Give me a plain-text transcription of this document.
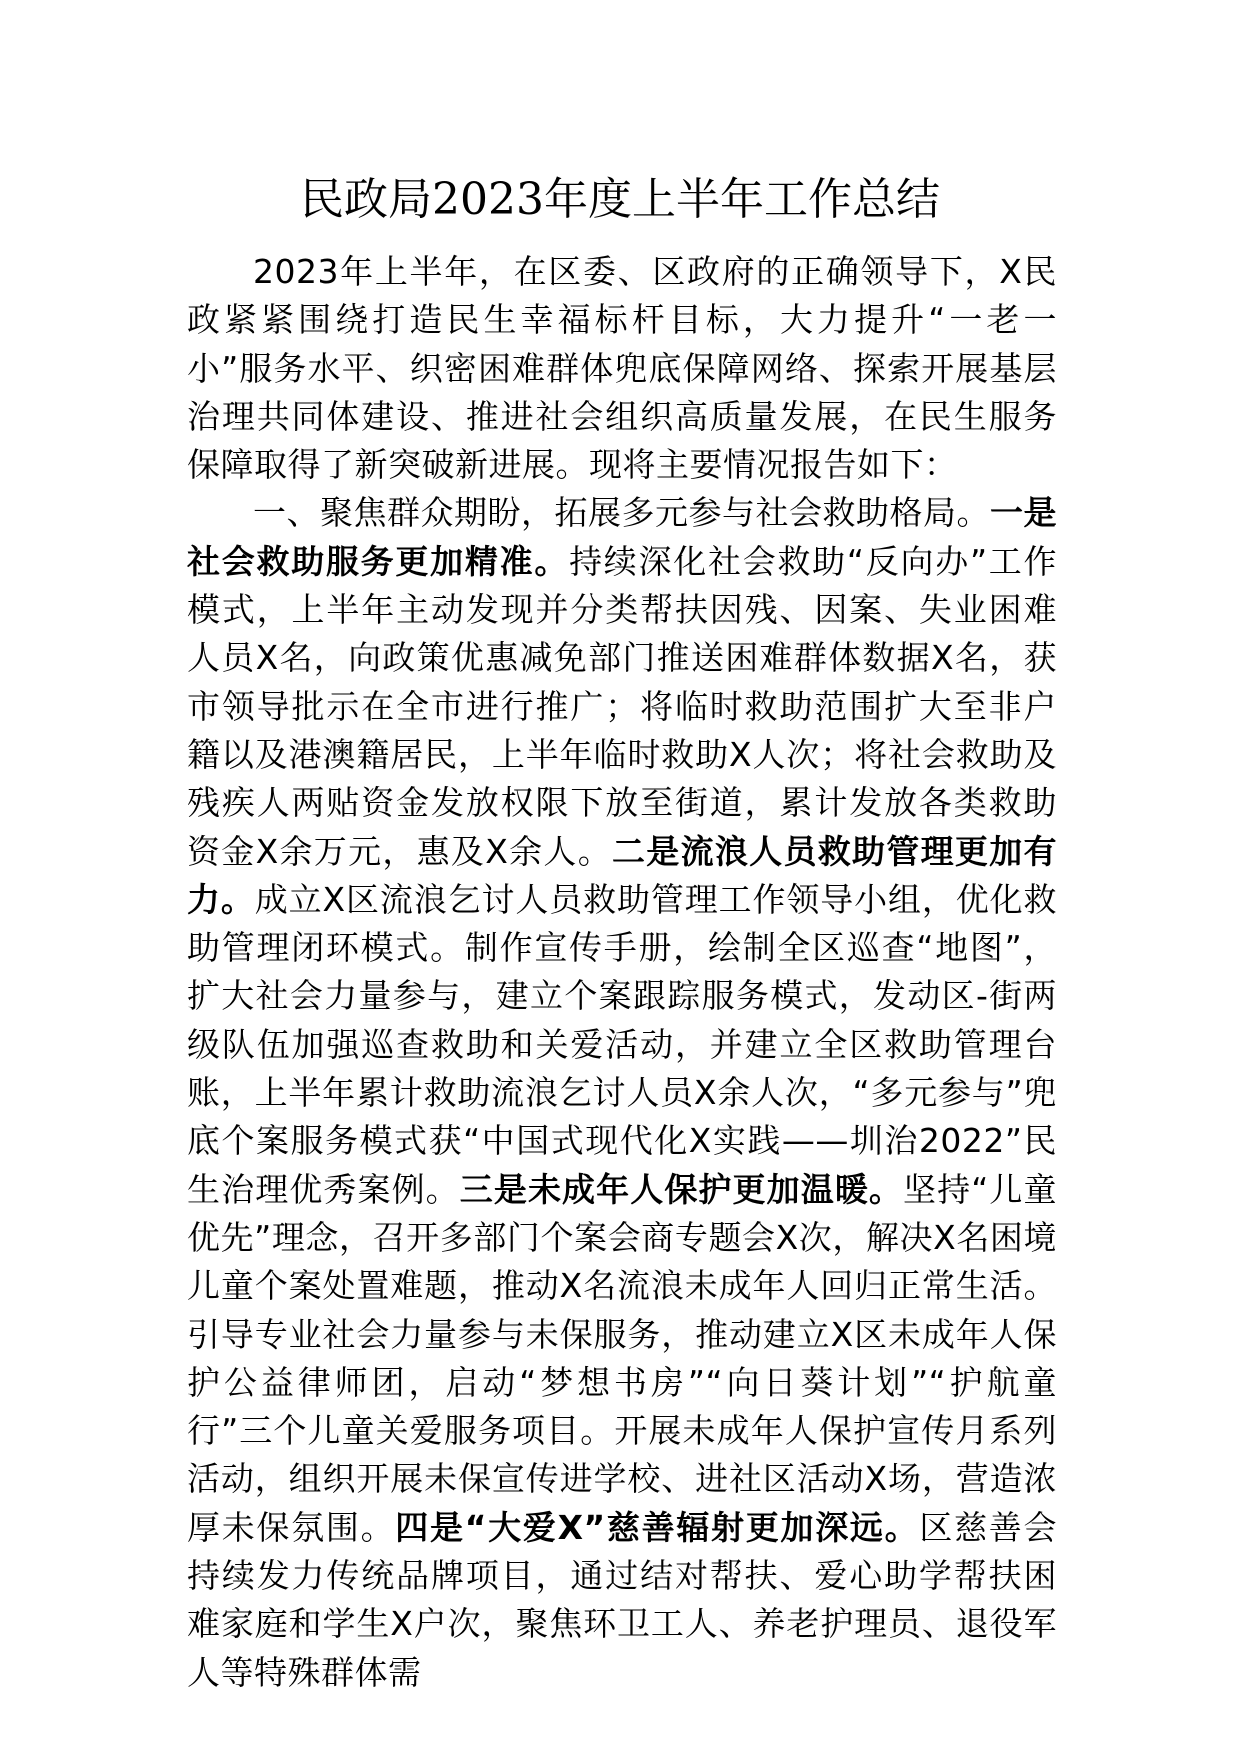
民政局2023年度上半年工作总结

2023年上半年，在区委、区政府的正确领导下，X民政紧紧围绕打造民生幸福标杆目标，大力提升“一老一小”服务水平、织密困难群体兜底保障网络、探索开展基层治理共同体建设、推进社会组织高质量发展，在民生服务保障取得了新突破新进展。现将主要情况报告如下：

一、聚焦群众期盼，拓展多元参与社会救助格局。一是社会救助服务更加精准。持续深化社会救助“反向办”工作模式，上半年主动发现并分类帮扶因残、因案、失业困难人员X名，向政策优惠减免部门推送困难群体数据X名，获市领导批示在全市进行推广；将临时救助范围扩大至非户籍以及港澳籍居民，上半年临时救助X人次；将社会救助及残疾人两贴资金发放权限下放至街道，累计发放各类救助资金X余万元，惠及X余人。二是流浪人员救助管理更加有力。成立X区流浪乞讨人员救助管理工作领导小组，优化救助管理闭环模式。制作宣传手册，绘制全区巡查“地图”，扩大社会力量参与，建立个案跟踪服务模式，发动区-街两级队伍加强巡查救助和关爱活动，并建立全区救助管理台账，上半年累计救助流浪乞讨人员X余人次，“多元参与”兜底个案服务模式获“中国式现代化X实践——圳治2022”民生治理优秀案例。三是未成年人保护更加温暖。坚持“儿童优先”理念，召开多部门个案会商专题会X次，解决X名困境儿童个案处置难题，推动X名流浪未成年人回归正常生活。引导专业社会力量参与未保服务，推动建立X区未成年人保护公益律师团，启动“梦想书房”“向日葵计划”“护航童行”三个儿童关爱服务项目。开展未成年人保护宣传月系列活动，组织开展未保宣传进学校、进社区活动X场，营造浓厚未保氛围。四是“大爱X”慈善辐射更加深远。区慈善会持续发力传统品牌项目，通过结对帮扶、爱心助学帮扶困难家庭和学生X户次，聚焦环卫工人、养老护理员、退役军人等特殊群体需
